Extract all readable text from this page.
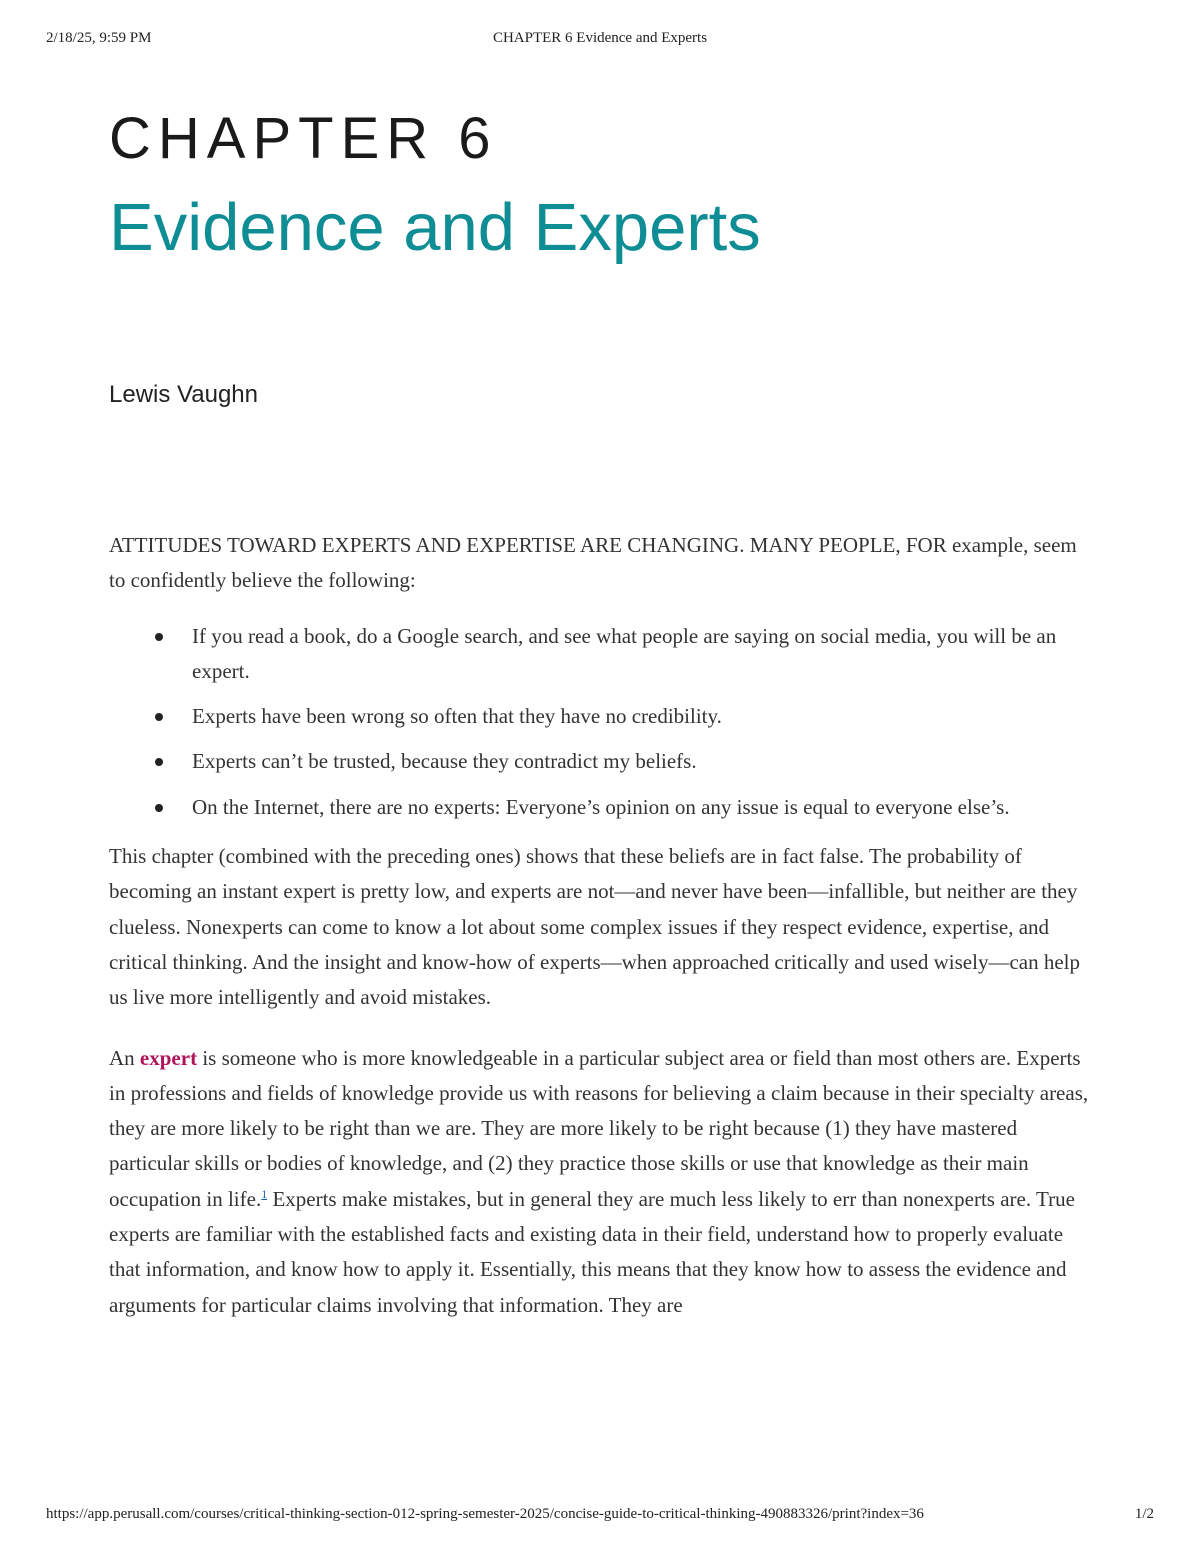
2/18/25, 9:59 PM	CHAPTER 6 Evidence and Experts
CHAPTER 6
Evidence and Experts
Lewis Vaughn

ATTITUDES TOWARD EXPERTS AND EXPERTISE ARE CHANGING. MANY PEOPLE, FOR example, seem to confidently believe the following:

If you read a book, do a Google search, and see what people are saying on social media, you will be an expert.
Experts have been wrong so often that they have no credibility.
Experts can’t be trusted, because they contradict my beliefs.
On the Internet, there are no experts: Everyone’s opinion on any issue is equal to everyone else’s.

This chapter (combined with the preceding ones) shows that these beliefs are in fact false. The probability of becoming an instant expert is pretty low, and experts are not—and never have been—infallible, but neither are they clueless. Nonexperts can come to know a lot about some complex issues if they respect evidence, expertise, and critical thinking. And the insight and know-how of experts—when approached critically and used wisely—can help us live more intelligently and avoid mistakes.

An expert is someone who is more knowledgeable in a particular subject area or field than most others are. Experts in professions and fields of knowledge provide us with reasons for believing a claim because in their specialty areas, they are more likely to be right than we are. They are more likely to be right because (1) they have mastered particular skills or bodies of knowledge, and (2) they practice those skills or use that knowledge as their main occupation in life.$^1$ Experts make mistakes, but in general they are much less likely to err than nonexperts are. True experts are familiar with the established facts and existing data in their field, understand how to properly evaluate that information, and know how to apply it. Essentially, this means that they know how to assess the evidence and arguments for particular claims involving that information. They are

https://app.perusall.com/courses/critical-thinking-section-012-spring-semester-2025/concise-guide-to-critical-thinking-490883326/print?index=36	1/2
